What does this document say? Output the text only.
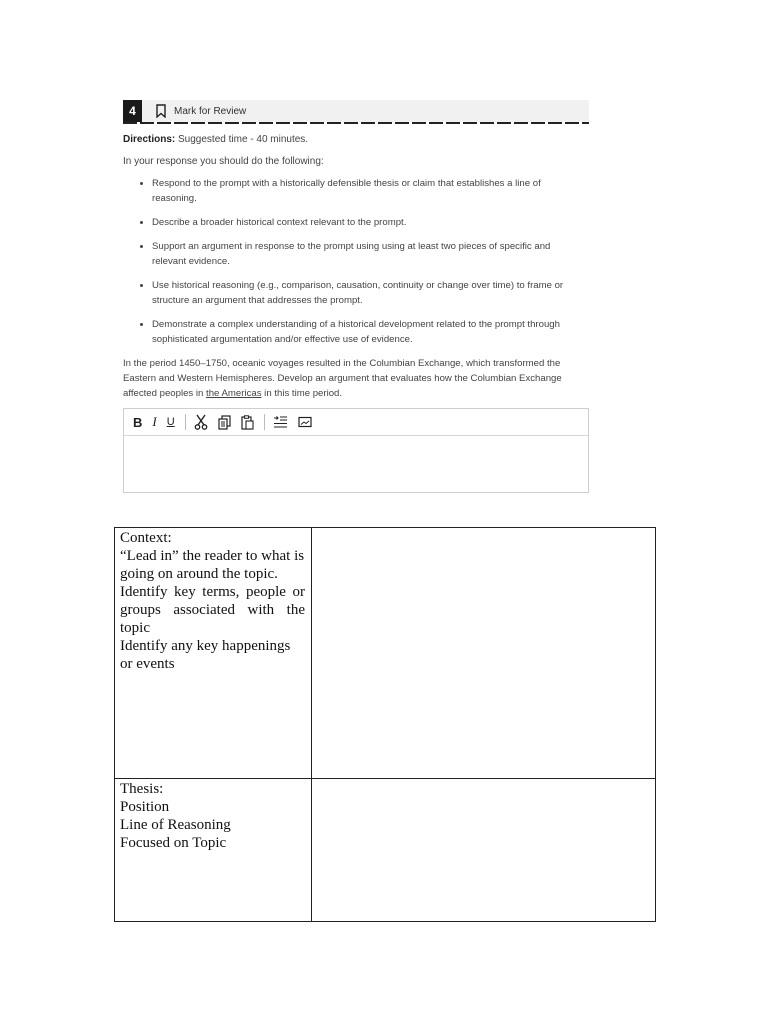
4	Mark for Review
Directions: Suggested time - 40 minutes.
In your response you should do the following:
• Respond to the prompt with a historically defensible thesis or claim that establishes a line of reasoning.
• Describe a broader historical context relevant to the prompt.
• Support an argument in response to the prompt using using at least two pieces of specific and relevant evidence.
• Use historical reasoning (e.g., comparison, causation, continuity or change over time) to frame or structure an argument that addresses the prompt.
• Demonstrate a complex understanding of a historical development related to the prompt through sophisticated argumentation and/or effective use of evidence.
In the period 1450–1750, oceanic voyages resulted in the Columbian Exchange, which transformed the Eastern and Western Hemispheres. Develop an argument that evaluates how the Columbian Exchange affected peoples in the Americas in this time period.
B I U
Context:
“Lead in” the reader to what is going on around the topic.
Identify key terms, people or groups associated with the topic
Identify any key happenings or events	

Thesis:
Position
Line of Reasoning
Focused on Topic	
